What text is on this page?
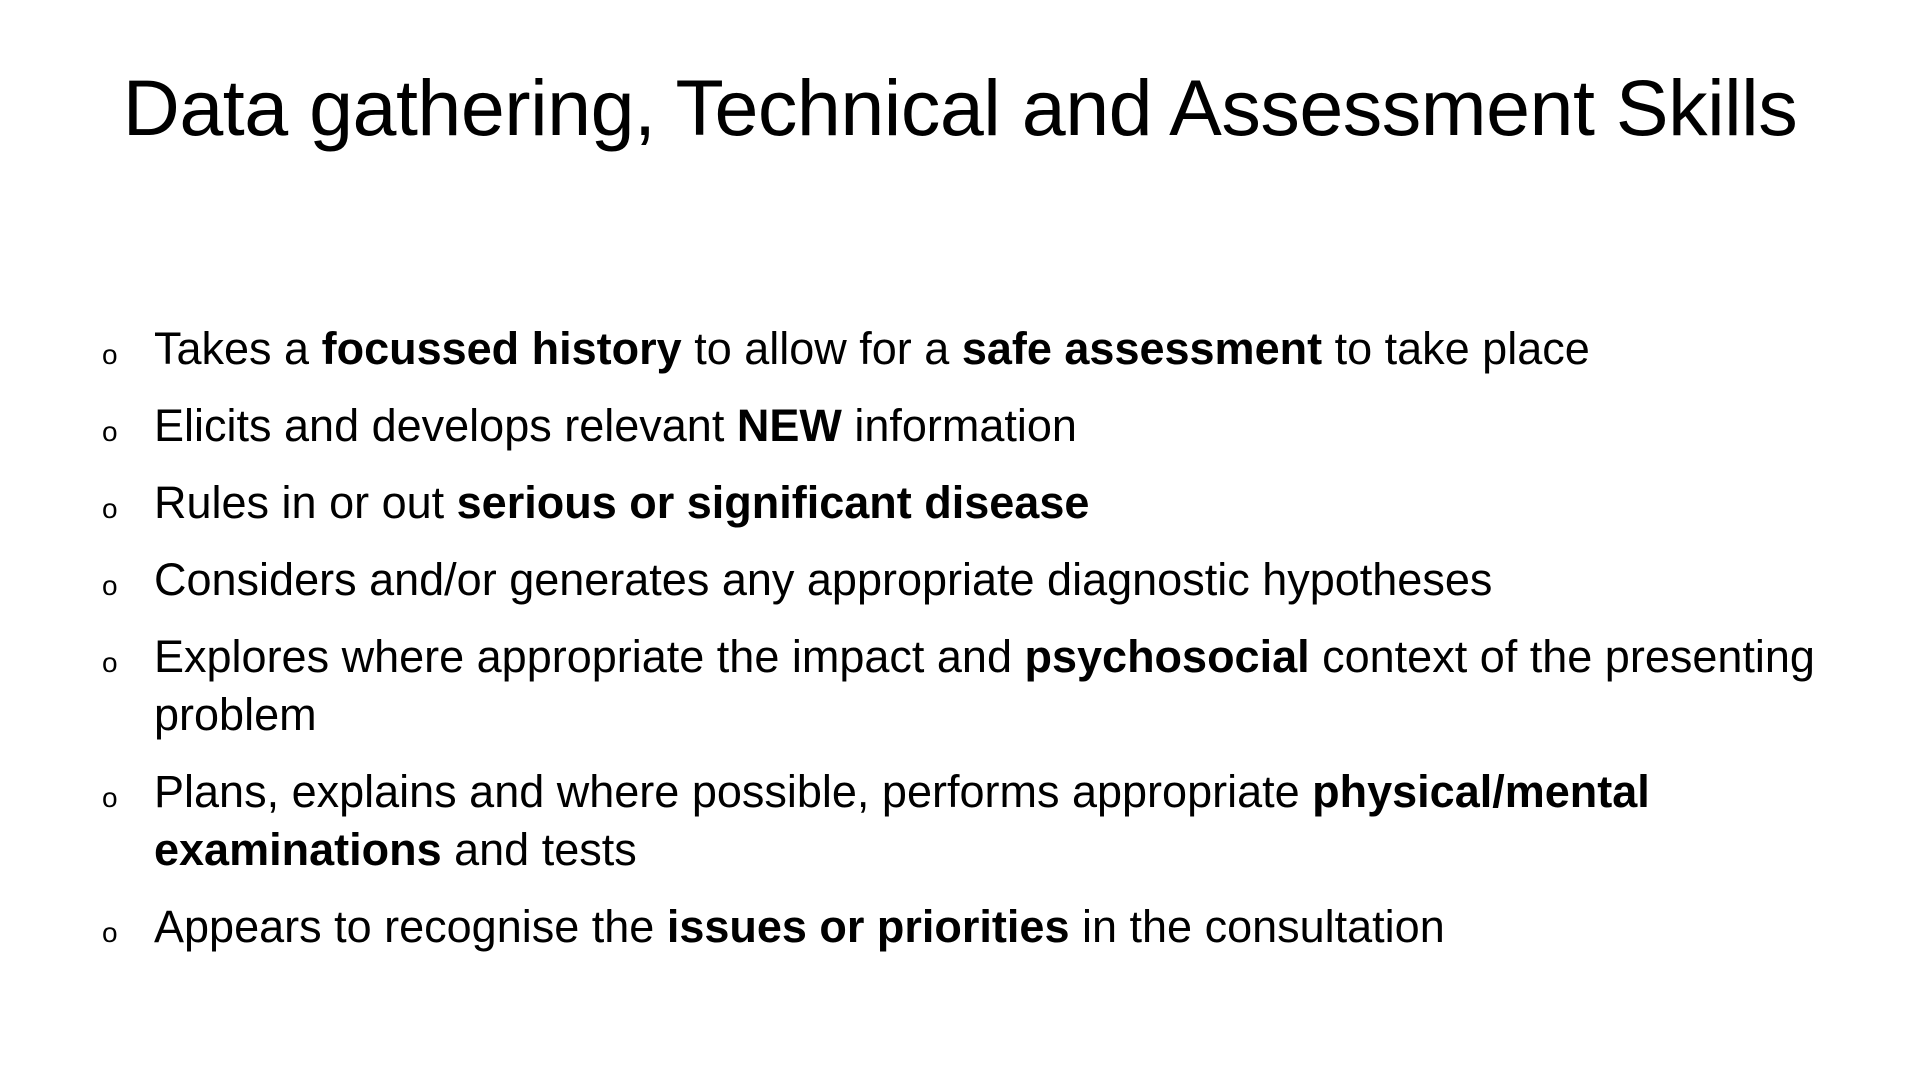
Data gathering, Technical and Assessment Skills
o Takes a focussed history to allow for a safe assessment to take place
o Elicits and develops relevant NEW information
o Rules in or out serious or significant disease
o Considers and/or generates any appropriate diagnostic hypotheses
o Explores where appropriate the impact and psychosocial context of the presenting problem
o Plans, explains and where possible, performs appropriate physical/mental examinations and tests
o Appears to recognise the issues or priorities in the consultation
